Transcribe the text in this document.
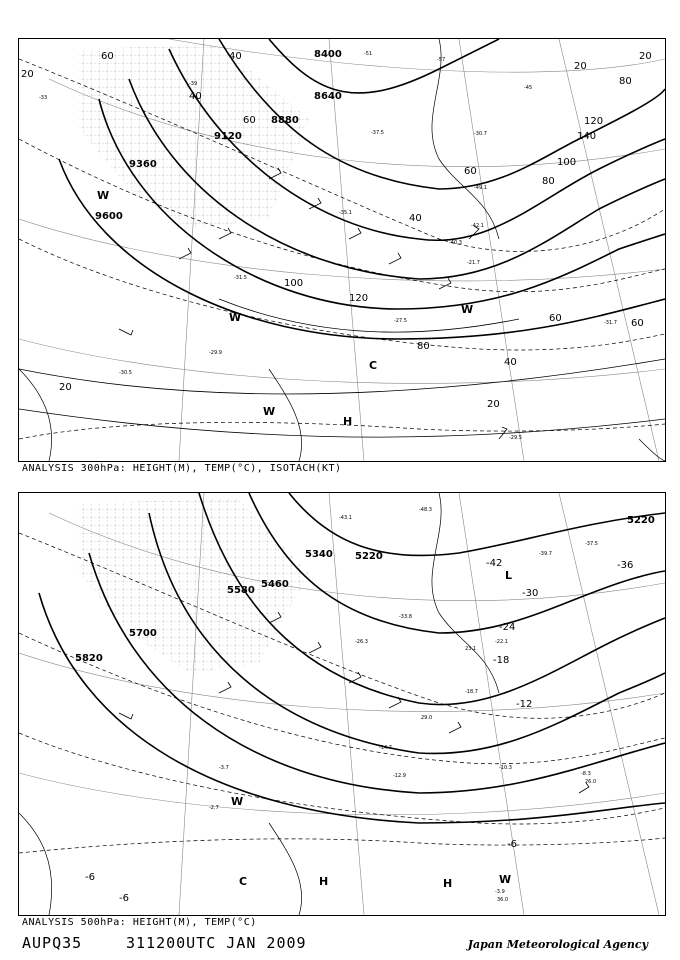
8400
8640
8880
9120
9360
9600
20
20
20
40
60
60
40
40
60
80
100
120
140
120
100
80
60
80
40
20
20
60
W
W
C
W
H
W
-57
-39
-33
-51
-45
-49.1
-37.5
-31.5
-29.9
-30.5
-27.5
-30.7
-35.1
-29.5
-31.7
-40.3
-42.1
-21.7
ANALYSIS 300hPa: HEIGHT(M), TEMP(°C), ISOTACH(KT)
5220
5340
5460
5580
5700
5820
5220
-42	-36
-30
-24
-18
-12
-6
-6
-6
L
W
C	H	H	W
-43.1
-48.3
-39.7
-37.5
-33.8
-26.3	-22.1
-18.7
-14.7
-12.9
-10.3
-8.3
-3.7
-2.7
-3.9
23.1
29.0
26.0
36.0
ANALYSIS 500hPa: HEIGHT(M), TEMP(°C)
AUPQ35	311200UTC JAN 2009	Japan Meteorological Agency
